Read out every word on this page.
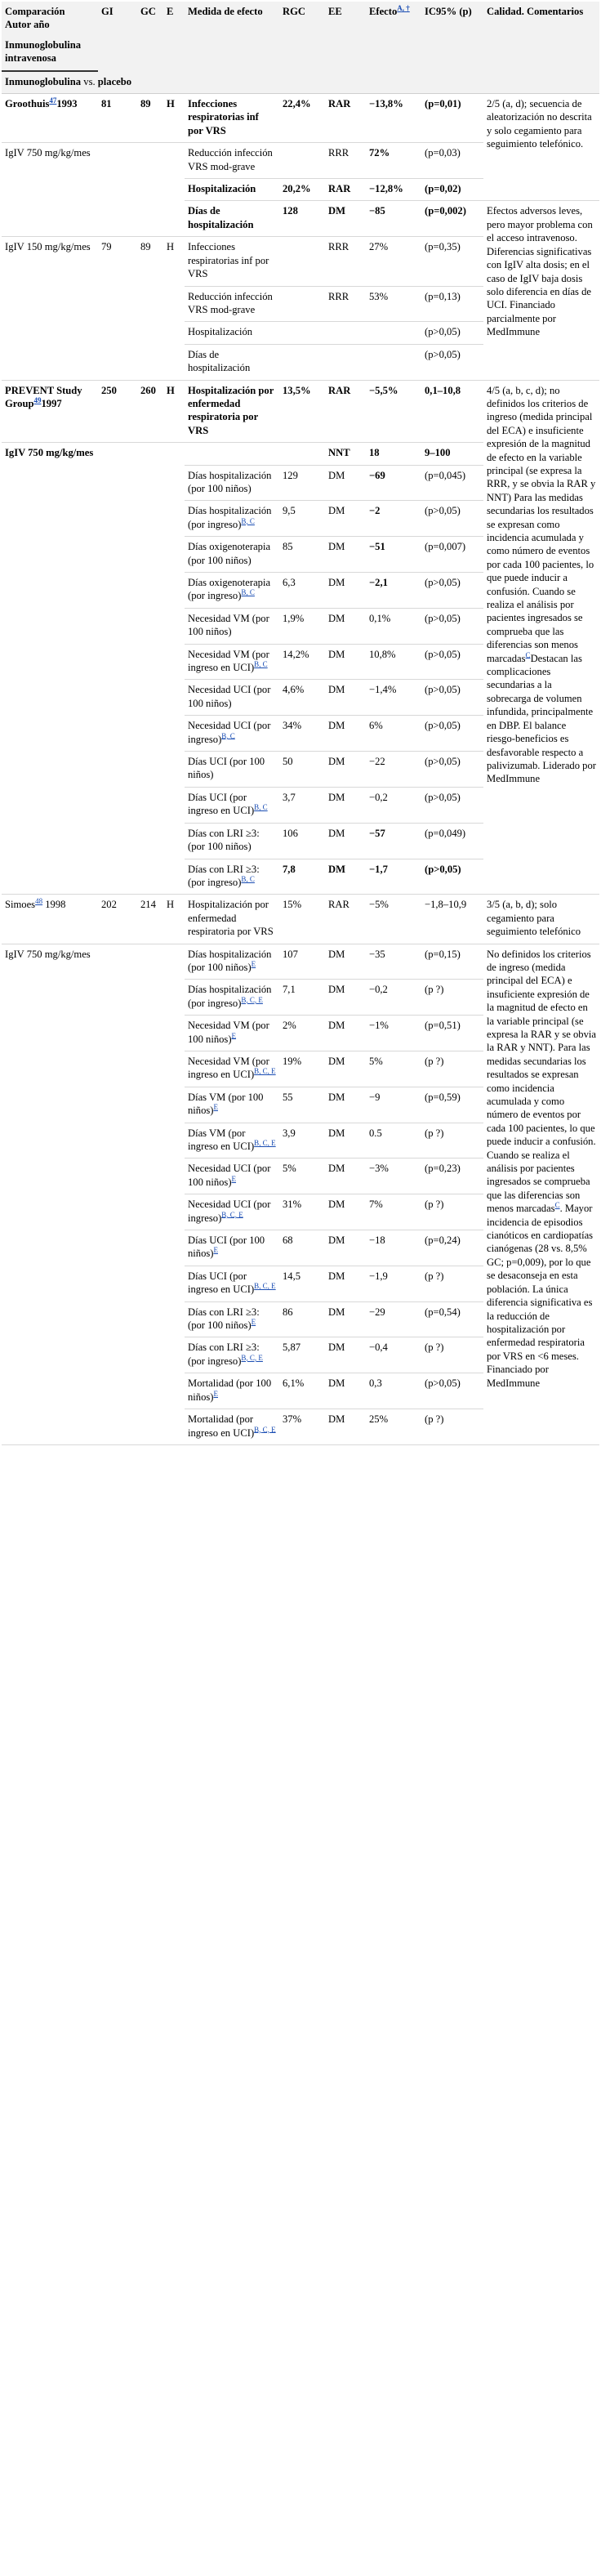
Comparación
Autor año	GI	GC	E	Medida de efecto	RGC	EE	Efecto$^{A, \dagger}$	IC95% (p)	Calidad. Comentarios
Inmunoglobulina intravenosa									
Inmunoglobulina vs. placebo									
Groothuis$^{47}$1993	81	89	H	Infecciones respiratorias inf por VRS	22,4%	RAR	−13,8%	(p=0,01)	2/5 (a, d); secuencia de aleatorización no descrita y solo cegamiento para seguimiento telefónico.
IgIV 750 mg/kg/mes				Reducción infección VRS mod-grave		RRR	72%	(p=0,03)	
				Hospitalización	20,2%	RAR	−12,8%	(p=0,02)	
				Días de hospitalización	128	DM	−85	(p=0,002)	Efectos adversos leves, pero mayor problema con el acceso intravenoso. Diferencias significativas con IgIV alta dosis; en el caso de IgIV baja dosis solo diferencia en días de UCI. Financiado parcialmente por MedImmune
IgIV 150 mg/kg/mes	79	89	H	Infecciones respiratorias inf por VRS		RRR	27%	(p=0,35)	
				Reducción infección VRS mod-grave		RRR	53%	(p=0,13)	
				Hospitalización				(p>0,05)	
				Días de hospitalización				(p>0,05)	
PREVENT Study Group$^{49}$1997	250	260	H	Hospitalización por enfermedad respiratoria por VRS	13,5%	RAR	−5,5%	0,1–10,8	4/5 (a, b, c, d); no definidos los criterios de ingreso (medida principal del ECA) e insuficiente expresión de la magnitud de efecto en la variable principal (se expresa la RRR, y se obvia la RAR y NNT) Para las medidas secundarias los resultados se expresan como incidencia acumulada y como número de eventos por cada 100 pacientes, lo que puede inducir a confusión. Cuando se realiza el análisis por pacientes ingresados se comprueba que las diferencias son menos marcadas$^C$Destacan las complicaciones secundarias a la sobrecarga de volumen infundida, principalmente en DBP. El balance riesgo-beneficios es desfavorable respecto a palivizumab. Liderado por MedImmune
IgIV 750 mg/kg/mes						NNT	18	9–100	
				Días hospitalización (por 100 niños)	129	DM	−69	(p=0,045)	
				Días hospitalización (por ingreso)$^{B, C}$	9,5	DM	−2	(p>0,05)	
				Días oxigenoterapia (por 100 niños)	85	DM	−51	(p=0,007)	
				Días oxigenoterapia (por ingreso)$^{B, C}$	6,3	DM	−2,1	(p>0,05)	
				Necesidad VM (por 100 niños)	1,9%	DM	0,1%	(p>0,05)	
				Necesidad VM (por ingreso en UCI)$^{B, C}$	14,2%	DM	10,8%	(p>0,05)	
				Necesidad UCI (por 100 niños)	4,6%	DM	−1,4%	(p>0,05)	
				Necesidad UCI (por ingreso)$^{B, C}$	34%	DM	6%	(p>0,05)	
				Días UCI (por 100 niños)	50	DM	−22	(p>0,05)	
				Días UCI (por ingreso en UCI)$^{B, C}$	3,7	DM	−0,2	(p>0,05)	
				Días con LRI ≥3: (por 100 niños)	106	DM	−57	(p=0,049)	
				Días con LRI ≥3: (por ingreso)$^{B, C}$	7,8	DM	−1,7	(p>0,05)	
Simoes$^{48}$ 1998	202	214	H	Hospitalización por enfermedad respiratoria por VRS	15%	RAR	−5%	−1,8–10,9	3/5 (a, b, d); solo cegamiento para seguimiento telefónico
IgIV 750 mg/kg/mes				Días hospitalización (por 100 niños)$^E$	107	DM	−35	(p=0,15)	No definidos los criterios de ingreso (medida principal del ECA) e insuficiente expresión de la magnitud de efecto en la variable principal (se expresa la RAR y se obvia la RAR y NNT). Para las medidas secundarias los resultados se expresan como incidencia acumulada y como número de eventos por cada 100 pacientes, lo que puede inducir a confusión. Cuando se realiza el análisis por pacientes ingresados se comprueba que las diferencias son menos marcadas$^C$. Mayor incidencia de episodios cianóticos en cardiopatías cianógenas (28 vs. 8,5% GC; p=0,009), por lo que se desaconseja en esta población. La única diferencia significativa es la reducción de hospitalización por enfermedad respiratoria por VRS en <6 meses. Financiado por MedImmune
				Días hospitalización (por ingreso)$^{B, C, E}$	7,1	DM	−0,2	(p ?)	
				Necesidad VM (por 100 niños)$^E$	2%	DM	−1%	(p=0,51)	
				Necesidad VM (por ingreso en UCI)$^{B, C, E}$	19%	DM	5%	(p ?)	
				Días VM (por 100 niños)$^E$	55	DM	−9	(p=0,59)	
				Días VM (por ingreso en UCI)$^{B, C, E}$	3,9	DM	0.5	(p ?)	
				Necesidad UCI (por 100 niños)$^E$	5%	DM	−3%	(p=0,23)	
				Necesidad UCI (por ingreso)$^{B, C, E}$	31%	DM	7%	(p ?)	
				Días UCI (por 100 niños)$^E$	68	DM	−18	(p=0,24)	
				Días UCI (por ingreso en UCI)$^{B, C, E}$	14,5	DM	−1,9	(p ?)	
				Días con LRI ≥3: (por 100 niños)$^E$	86	DM	−29	(p=0,54)	
				Días con LRI ≥3: (por ingreso)$^{B, C, E}$	5,87	DM	−0,4	(p ?)	
				Mortalidad (por 100 niños)$^E$	6,1%	DM	0,3	(p>0,05)	
				Mortalidad (por ingreso en UCI)$^{B, C, E}$	37%	DM	25%	(p ?)	
